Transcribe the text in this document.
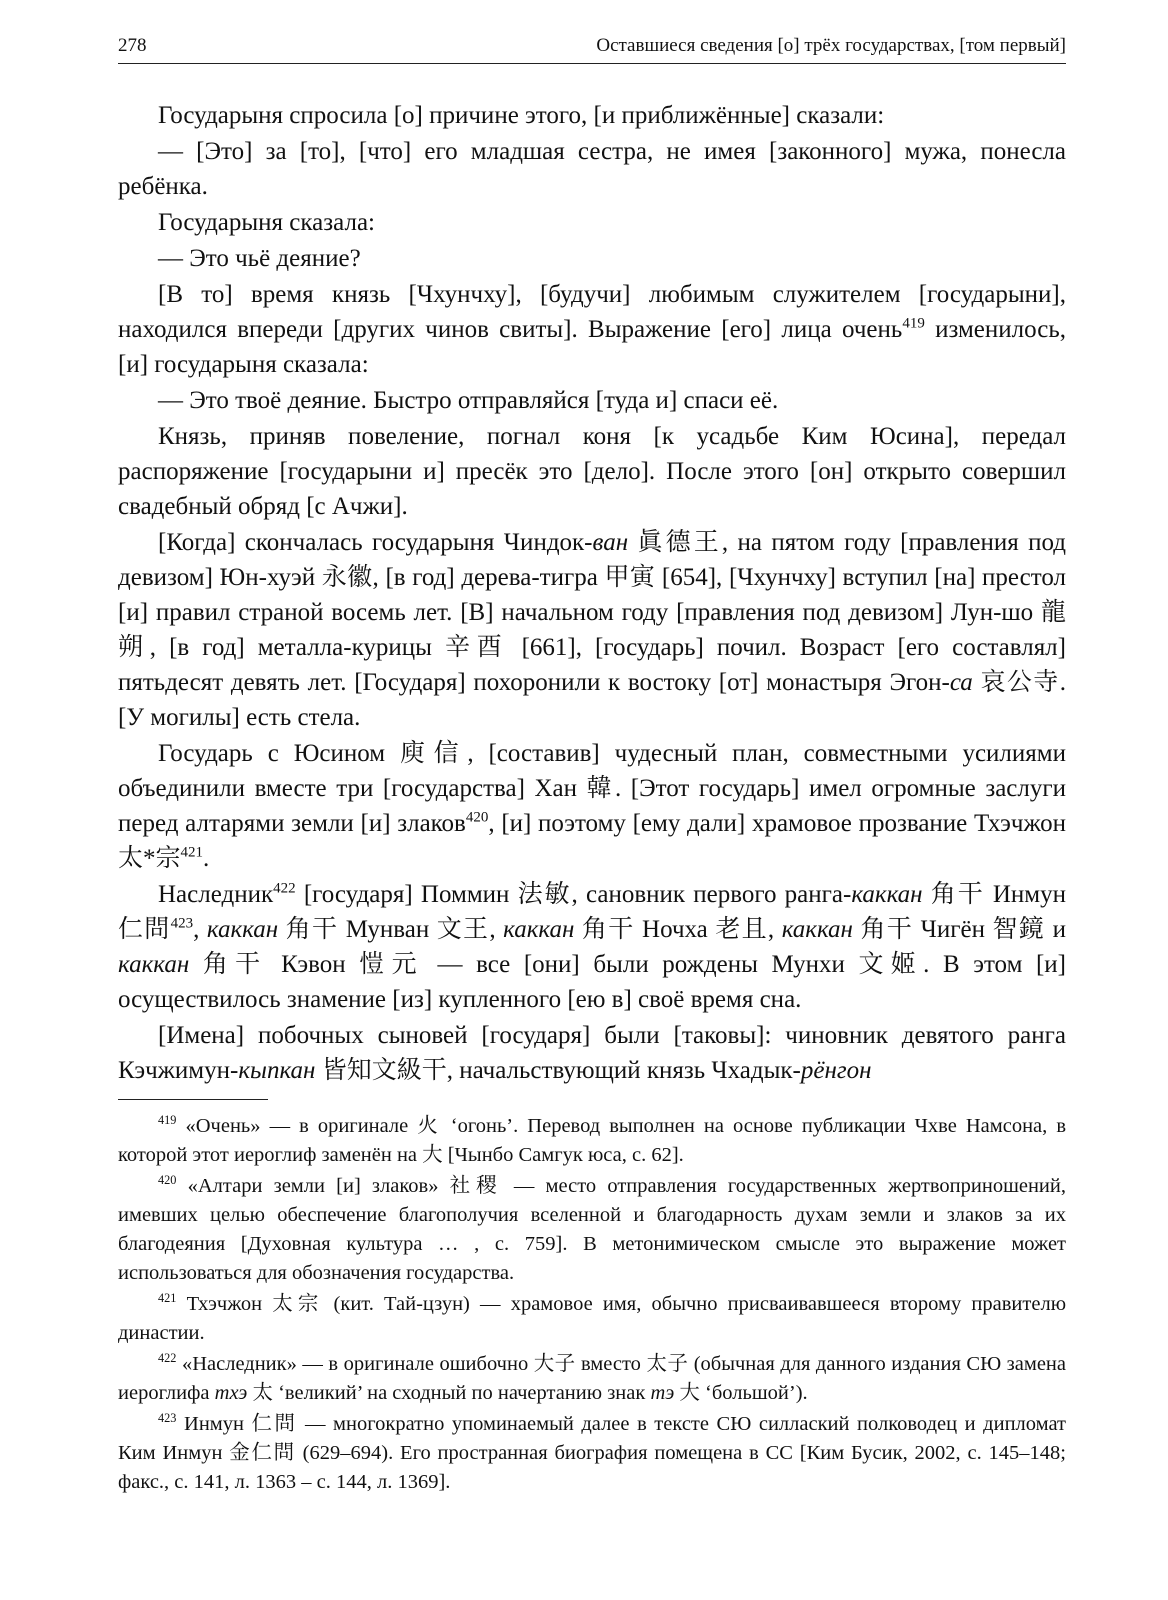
278	Оставшиеся сведения [о] трёх государствах, [том первый]

Государыня спросила [о] причине этого, [и приближённые] сказали:

— [Это] за [то], [что] его младшая сестра, не имея [законного] мужа, понесла ребёнка.

Государыня сказала:

— Это чьё деяние?

[В то] время князь [Чхунчху], [будучи] любимым служителем [государыни], находился впереди [других чинов свиты]. Выражение [его] лица очень$^{419}$ изменилось, [и] государыня сказала:

— Это твоё деяние. Быстро отправляйся [туда и] спаси её.

Князь, приняв повеление, погнал коня [к усадьбе Ким Юсина], передал распоряжение [государыни и] пресёк это [дело]. После этого [он] открыто совершил свадебный обряд [с Ачжи].

[Когда] скончалась государыня Чиндок-ван 眞德王, на пятом году [правления под девизом] Юн-хуэй 永徽, [в год] дерева-тигра 甲寅 [654], [Чхунчху] вступил [на] престол [и] правил страной восемь лет. [В] начальном году [правления под девизом] Лун-шо 龍朔, [в год] металла-курицы 辛酉 [661], [государь] почил. Возраст [его составлял] пятьдесят девять лет. [Государя] похоронили к востоку [от] монастыря Эгон-са 哀公寺. [У могилы] есть стела.

Государь с Юсином 庾信, [составив] чудесный план, совместными усилиями объединили вместе три [государства] Хан 韓. [Этот государь] имел огромные заслуги перед алтарями земли [и] злаков$^{420}$, [и] поэтому [ему дали] храмовое прозвание Тхэчжон 太*宗$^{421}$.

Наследник$^{422}$ [государя] Поммин 法敏, сановник первого ранга-каккан 角干 Инмун 仁問$^{423}$, каккан 角干 Мунван 文王, каккан 角干 Ночха 老且, каккан 角干 Чигён 智鏡 и каккан 角干 Кэвон 愷元 — все [они] были рождены Мунхи 文姬. В этом [и] осуществилось знамение [из] купленного [ею в] своё время сна.

[Имена] побочных сыновей [государя] были [таковы]: чиновник девятого ранга Кэчжимун-кыпкан 皆知文級干, начальствующий князь Чхадык-рёнгон

$^{419}$ «Очень» — в оригинале 火 ‘огонь’. Перевод выполнен на основе публикации Чхве Намсона, в которой этот иероглиф заменён на 大 [Чынбо Самгук юса, с. 62].

$^{420}$ «Алтари земли [и] злаков» 社稷 — место отправления государственных жертвоприношений, имевших целью обеспечение благополучия вселенной и благодарность духам земли и злаков за их благодеяния [Духовная культура … , с. 759]. В метонимическом смысле это выражение может использоваться для обозначения государства.

$^{421}$ Тхэчжон 太宗 (кит. Тай-цзун) — храмовое имя, обычно присваивавшееся второму правителю династии.

$^{422}$ «Наследник» — в оригинале ошибочно 大子 вместо 太子 (обычная для данного издания СЮ замена иероглифа тхэ 太 ‘великий’ на сходный по начертанию знак тэ 大 ‘большой’).

$^{423}$ Инмун 仁問 — многократно упоминаемый далее в тексте СЮ силлаский полководец и дипломат Ким Инмун 金仁問 (629–694). Его пространная биография помещена в СС [Ким Бусик, 2002, с. 145–148; факс., с. 141, л. 1363 – с. 144, л. 1369].
